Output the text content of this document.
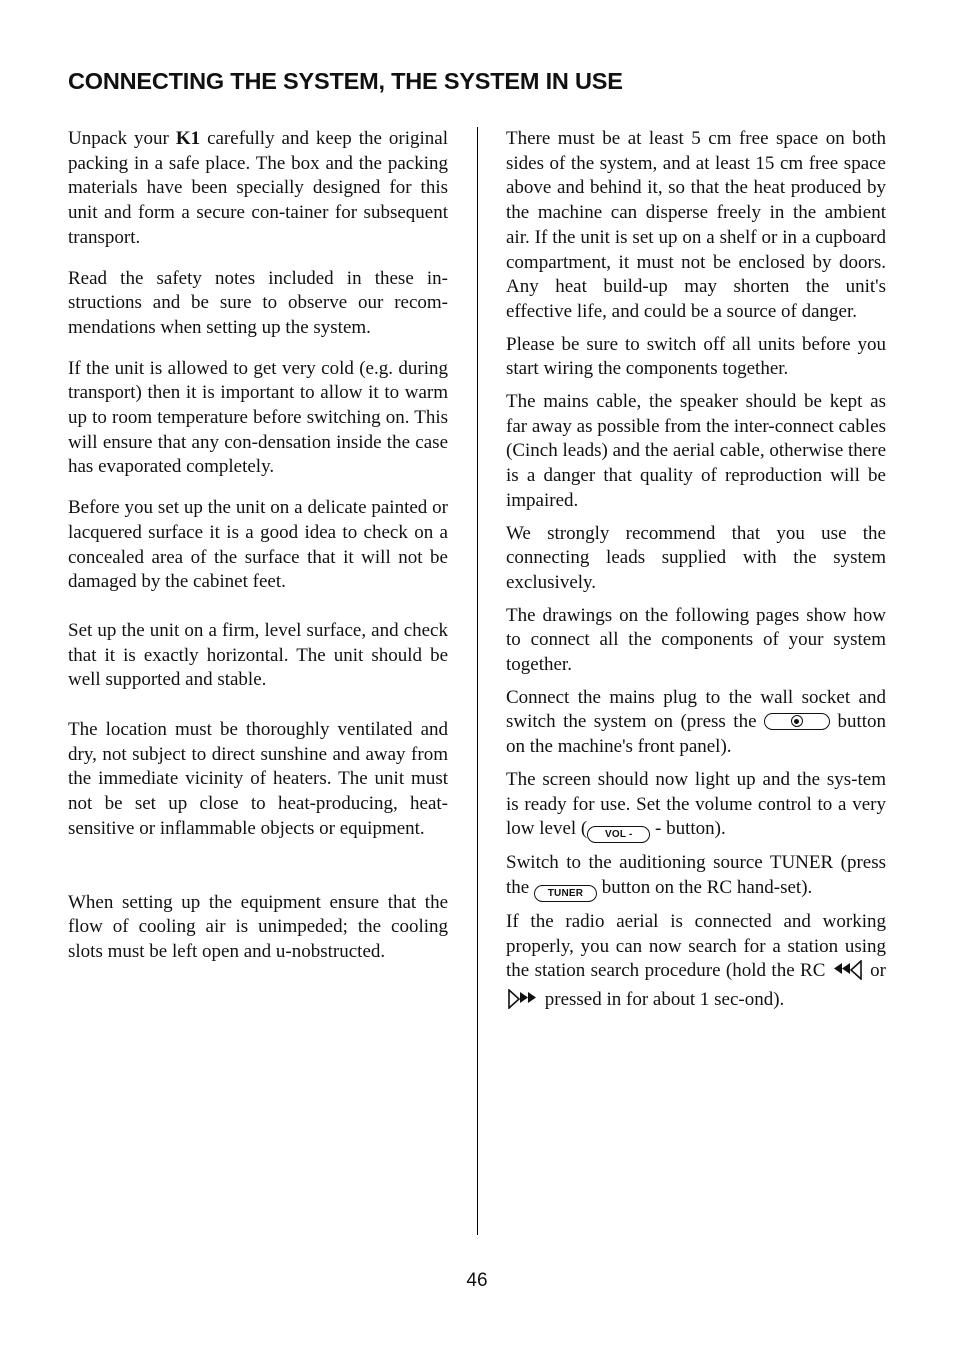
CONNECTING THE SYSTEM, THE SYSTEM IN USE

Unpack your K1 carefully and keep the original packing in a safe place. The box and the packing materials have been specially designed for this unit and form a secure con-tainer for subsequent transport.

Read the safety notes included in these in-structions and be sure to observe our recom-mendations when setting up the system.

If the unit is allowed to get very cold (e.g. during transport) then it is important to allow it to warm up to room temperature before switching on. This will ensure that any con-densation inside the case has evaporated completely.

Before you set up the unit on a delicate painted or lacquered surface it is a good idea to check on a concealed area of the surface that it will not be damaged by the cabinet feet.

Set up the unit on a firm, level surface, and check that it is exactly horizontal. The unit should be well supported and stable.

The location must be thoroughly ventilated and dry, not subject to direct sunshine and away from the immediate vicinity of heaters. The unit must not be set up close to heat-producing, heat-sensitive or inflammable objects or equipment.

When setting up the equipment ensure that the flow of cooling air is unimpeded; the cooling slots must be left open and u-nobstructed.

There must be at least 5 cm free space on both sides of the system, and at least 15 cm free space above and behind it, so that the heat produced by the machine can disperse freely in the ambient air. If the unit is set up on a shelf or in a cupboard compartment, it must not be enclosed by doors. Any heat build-up may shorten the unit's effective life, and could be a source of danger.

Please be sure to switch off all units before you start wiring the components together.

The mains cable, the speaker should be kept as far away as possible from the inter-connect cables (Cinch leads) and the aerial cable, otherwise there is a danger that quality of reproduction will be impaired.

We strongly recommend that you use the connecting leads supplied with the system exclusively.

The drawings on the following pages show how to connect all the components of your system together.

Connect the mains plug to the wall socket and switch the system on (press the	button on the machine's front panel).

The screen should now light up and the sys-tem is ready for use. Set the volume control to a very low level ( VOL - - button).

Switch to the auditioning source TUNER (press the TUNER button on the RC hand-set).

If the radio aerial is connected and working properly, you can now search for a station using the station search procedure (hold the RC  or  pressed in for about 1 sec-ond).

46
